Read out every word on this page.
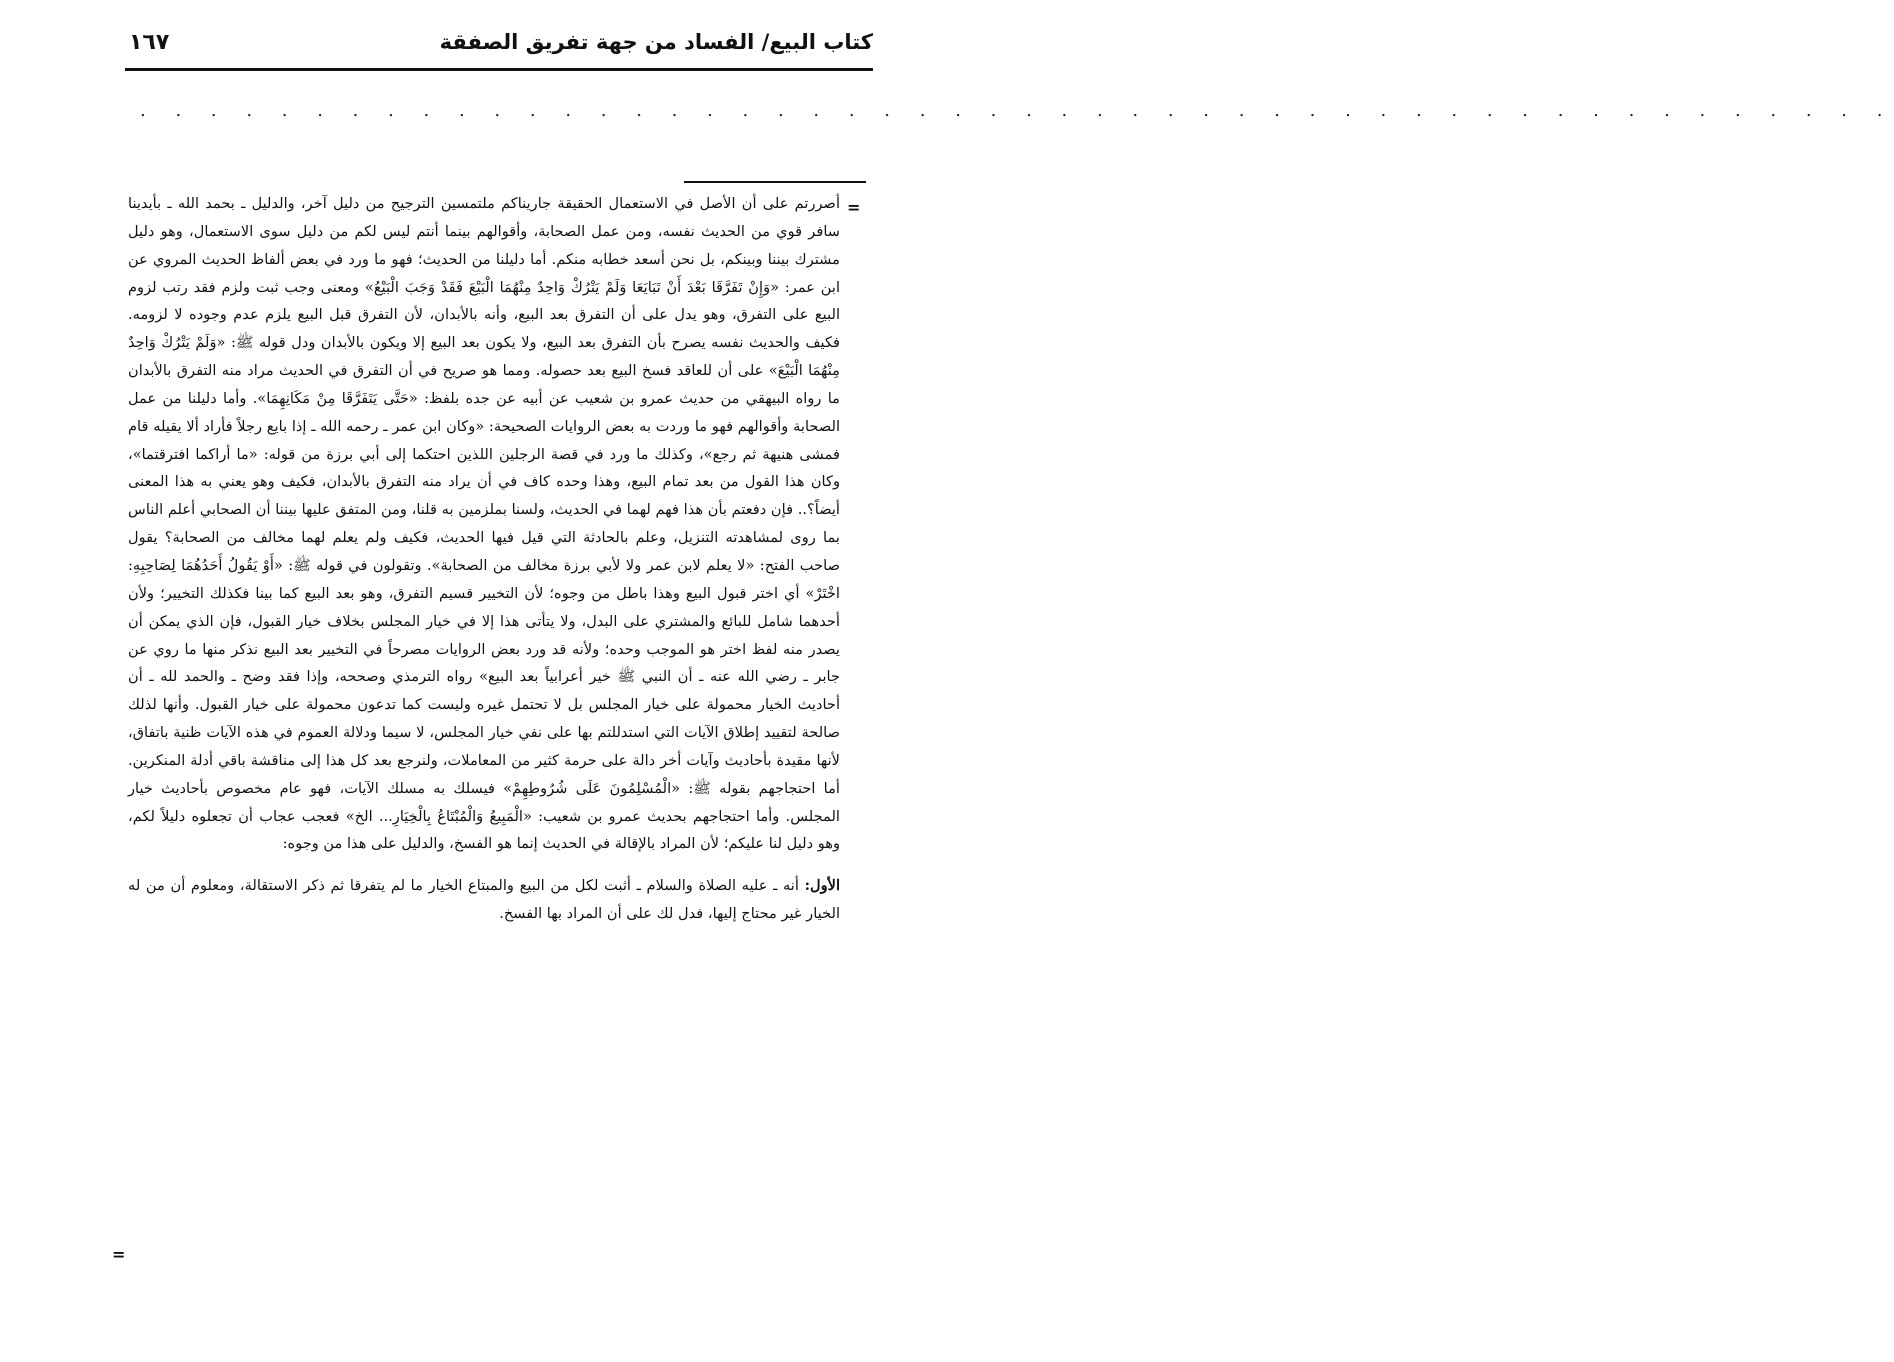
كتاب البيع/ الفساد من جهة تفريق الصفقة
١٦٧
. . . . . . . . . . . . . . . . . . . . . . . . . . . . . . . . . . . . . . . . . . . . . . . . . .
=

أصررتم على أن الأصل في الاستعمال الحقيقة جاريناكم ملتمسين الترجيح من دليل آخر، والدليل ـ بحمد الله ـ بأيدينا سافر قوي من الحديث نفسه، ومن عمل الصحابة، وأقوالهم بينما أنتم ليس لكم من دليل سوى الاستعمال، وهو دليل مشترك بيننا وبينكم، بل نحن أسعد خطابه منكم. أما دليلنا من الحديث؛ فهو ما ورد في بعض ألفاظ الحديث المروي عن ابن عمر: «وَإِنْ تَفَرَّقَا بَعْدَ أَنْ تَبَايَعَا وَلَمْ يَتْرُكْ وَاحِدٌ مِنْهُمَا الْبَيْعَ فَقَدْ وَجَبَ الْبَيْعُ» ومعنى وجب ثبت ولزم فقد رتب لزوم البيع على التفرق، وهو يدل على أن التفرق بعد البيع، وأنه بالأبدان، لأن التفرق قبل البيع يلزم عدم وجوده لا لزومه. فكيف والحديث نفسه يصرح بأن التفرق بعد البيع، ولا يكون بعد البيع إلا ويكون بالأبدان ودل قوله ﷺ: «وَلَمْ يَتْرُكْ وَاحِدٌ مِنْهُمَا الْبَيْعَ» على أن للعاقد فسخ البيع بعد حصوله. ومما هو صريح في أن التفرق في الحديث مراد منه التفرق بالأبدان ما رواه البيهقي من حديث عمرو بن شعيب عن أبيه عن جده بلفظ: «حَتَّى يَتَفَرَّقَا مِنْ مَكَانِهِمَا». وأما دليلنا من عمل الصحابة وأقوالهم فهو ما وردت به بعض الروايات الصحيحة: «وكان ابن عمر ـ رحمه الله ـ إذا بايع رجلاً فأراد ألا يقيله قام فمشى هنيهة ثم رجع»، وكذلك ما ورد في قصة الرجلين اللذين احتكما إلى أبي برزة من قوله: «ما أراكما افترقتما»، وكان هذا القول من بعد تمام البيع، وهذا وحده كاف في أن يراد منه التفرق بالأبدان، فكيف وهو يعني به هذا المعنى أيضاً؟.. فإن دفعتم بأن هذا فهم لهما في الحديث، ولسنا بملزمين به قلنا، ومن المتفق عليها بيننا أن الصحابي أعلم الناس بما روى لمشاهدته التنزيل، وعلم بالحادثة التي قيل فيها الحديث، فكيف ولم يعلم لهما مخالف من الصحابة؟ يقول صاحب الفتح: «لا يعلم لابن عمر ولا لأبي برزة مخالف من الصحابة». وتقولون في قوله ﷺ: «أَوْ يَقُولُ أَحَدُهُمَا لِصَاحِبِهِ: اخْتَرْ» أي اختر قبول البيع وهذا باطل من وجوه؛ لأن التخيير قسيم التفرق، وهو بعد البيع كما بينا فكذلك التخيير؛ ولأن أحدهما شامل للبائع والمشتري على البدل، ولا يتأتى هذا إلا في خيار المجلس بخلاف خيار القبول، فإن الذي يمكن أن يصدر منه لفظ اختر هو الموجب وحده؛ ولأنه قد ورد بعض الروايات مصرحاً في التخيير بعد البيع نذكر منها ما روي عن جابر ـ رضي الله عنه ـ أن النبي ﷺ خير أعرابياً بعد البيع» رواه الترمذي وصححه، وإذا فقد وضح ـ والحمد لله ـ أن أحاديث الخيار محمولة على خيار المجلس بل لا تحتمل غيره وليست كما تدعون محمولة على خيار القبول. وأنها لذلك صالحة لتقييد إطلاق الآيات التي استدللتم بها على نفي خيار المجلس، لا سيما ودلالة العموم في هذه الآيات ظنية باتفاق، لأنها مقيدة بأحاديث وآيات أخر دالة على حرمة كثير من المعاملات، ولنرجع بعد كل هذا إلى مناقشة باقي أدلة المنكرين. أما احتجاجهم بقوله ﷺ: «الْمُسْلِمُونَ عَلَى شُرُوطِهِمْ» فيسلك به مسلك الآيات، فهو عام مخصوص بأحاديث خيار المجلس. وأما احتجاجهم بحديث عمرو بن شعيب: «الْمَبِيعُ وَالْمُبْتَاعُ بِالْخِيَارِ... الخ» فعجب عجاب أن تجعلوه دليلاً لكم، وهو دليل لنا عليكم؛ لأن المراد بالإقالة في الحديث إنما هو الفسخ، والدليل على هذا من وجوه:

الأول: أنه ـ عليه الصلاة والسلام ـ أثبت لكل من البيع والمبتاع الخيار ما لم يتفرقا ثم ذكر الاستقالة، ومعلوم أن من له الخيار غير محتاج إليها، فدل لك على أن المراد بها الفسخ.

=
